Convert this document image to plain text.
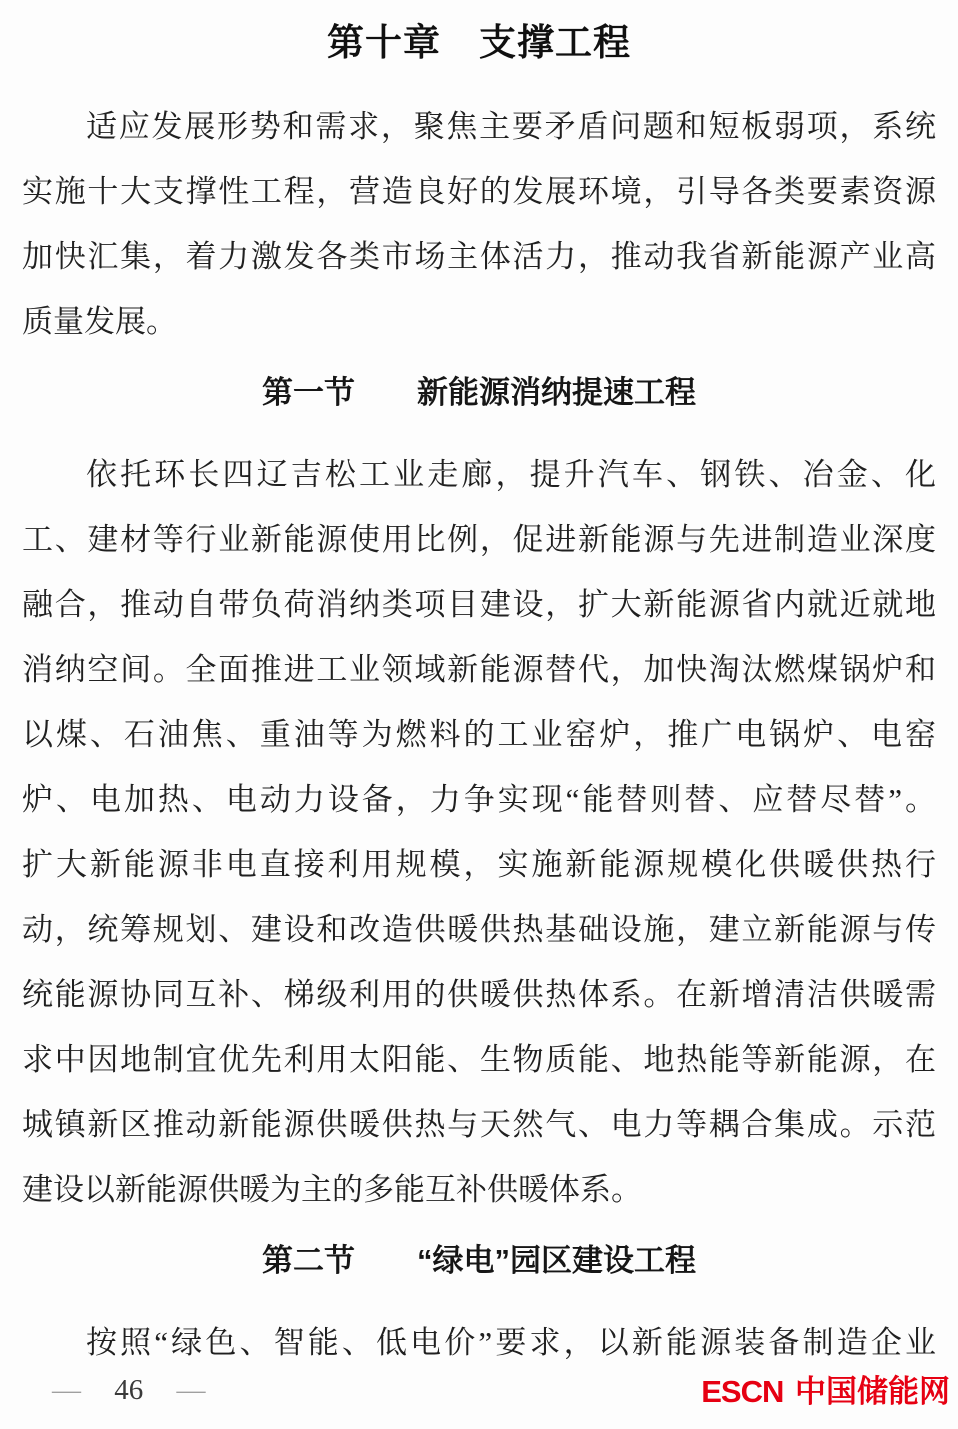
第十章　支撑工程
适应发展形势和需求，聚焦主要矛盾问题和短板弱项，系统
实施十大支撑性工程，营造良好的发展环境，引导各类要素资源
加快汇集，着力激发各类市场主体活力，推动我省新能源产业高
质量发展。
第一节　　新能源消纳提速工程
依托环长四辽吉松工业走廊，提升汽车、钢铁、冶金、化
工、建材等行业新能源使用比例，促进新能源与先进制造业深度
融合，推动自带负荷消纳类项目建设，扩大新能源省内就近就地
消纳空间。全面推进工业领域新能源替代，加快淘汰燃煤锅炉和
以煤、石油焦、重油等为燃料的工业窑炉，推广电锅炉、电窑
炉、电加热、电动力设备，力争实现“能替则替、应替尽替”。
扩大新能源非电直接利用规模，实施新能源规模化供暖供热行
动，统筹规划、建设和改造供暖供热基础设施，建立新能源与传
统能源协同互补、梯级利用的供暖供热体系。在新增清洁供暖需
求中因地制宜优先利用太阳能、生物质能、地热能等新能源，在
城镇新区推动新能源供暖供热与天然气、电力等耦合集成。示范
建设以新能源供暖为主的多能互补供暖体系。
第二节　　“绿电”园区建设工程
按照“绿色、智能、低电价”要求，以新能源装备制造企业
— 46 —	ESCN 中国储能网
